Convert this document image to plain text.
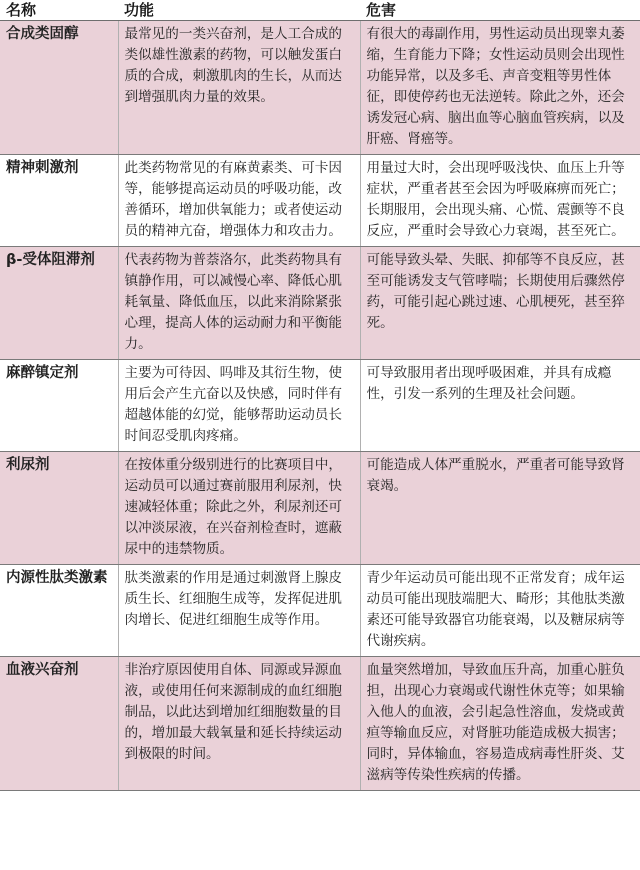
名称	功能	危害
合成类固醇	最常见的一类兴奋剂，是人工合成的类似雄性激素的药物，可以触发蛋白质的合成，刺激肌肉的生长，从而达到增强肌肉力量的效果。	有很大的毒副作用，男性运动员出现睾丸萎缩，生育能力下降；女性运动员则会出现性功能异常，以及多毛、声音变粗等男性体征，即使停药也无法逆转。除此之外，还会诱发冠心病、脑出血等心脑血管疾病，以及肝癌、肾癌等。
精神刺激剂	此类药物常见的有麻黄素类、可卡因等，能够提高运动员的呼吸功能，改善循环，增加供氧能力；或者使运动员的精神亢奋，增强体力和攻击力。	用量过大时，会出现呼吸浅快、血压上升等症状，严重者甚至会因为呼吸麻痹而死亡；长期服用，会出现头痛、心慌、震颤等不良反应，严重时会导致心力衰竭，甚至死亡。
β-受体阻滞剂	代表药物为普萘洛尔，此类药物具有镇静作用，可以减慢心率、降低心肌耗氧量、降低血压，以此来消除紧张心理，提高人体的运动耐力和平衡能力。	可能导致头晕、失眠、抑郁等不良反应，甚至可能诱发支气管哮喘；长期使用后骤然停药，可能引起心跳过速、心肌梗死，甚至猝死。
麻醉镇定剂	主要为可待因、吗啡及其衍生物，使用后会产生亢奋以及快感，同时伴有超越体能的幻觉，能够帮助运动员长时间忍受肌肉疼痛。	可导致服用者出现呼吸困难，并具有成瘾性，引发一系列的生理及社会问题。
利尿剂	在按体重分级别进行的比赛项目中，运动员可以通过赛前服用利尿剂，快速减轻体重；除此之外，利尿剂还可以冲淡尿液，在兴奋剂检查时，遮蔽尿中的违禁物质。	可能造成人体严重脱水，严重者可能导致肾衰竭。
内源性肽类激素	肽类激素的作用是通过刺激肾上腺皮质生长、红细胞生成等，发挥促进肌肉增长、促进红细胞生成等作用。	青少年运动员可能出现不正常发育；成年运动员可能出现肢端肥大、畸形；其他肽类激素还可能导致器官功能衰竭，以及糖尿病等代谢疾病。
血液兴奋剂	非治疗原因使用自体、同源或异源血液，或使用任何来源制成的血红细胞制品，以此达到增加红细胞数量的目的，增加最大载氧量和延长持续运动到极限的时间。	血量突然增加，导致血压升高，加重心脏负担，出现心力衰竭或代谢性休克等；如果输入他人的血液，会引起急性溶血，发烧或黄疸等输血反应，对肾脏功能造成极大损害；同时，异体输血，容易造成病毒性肝炎、艾滋病等传染性疾病的传播。
